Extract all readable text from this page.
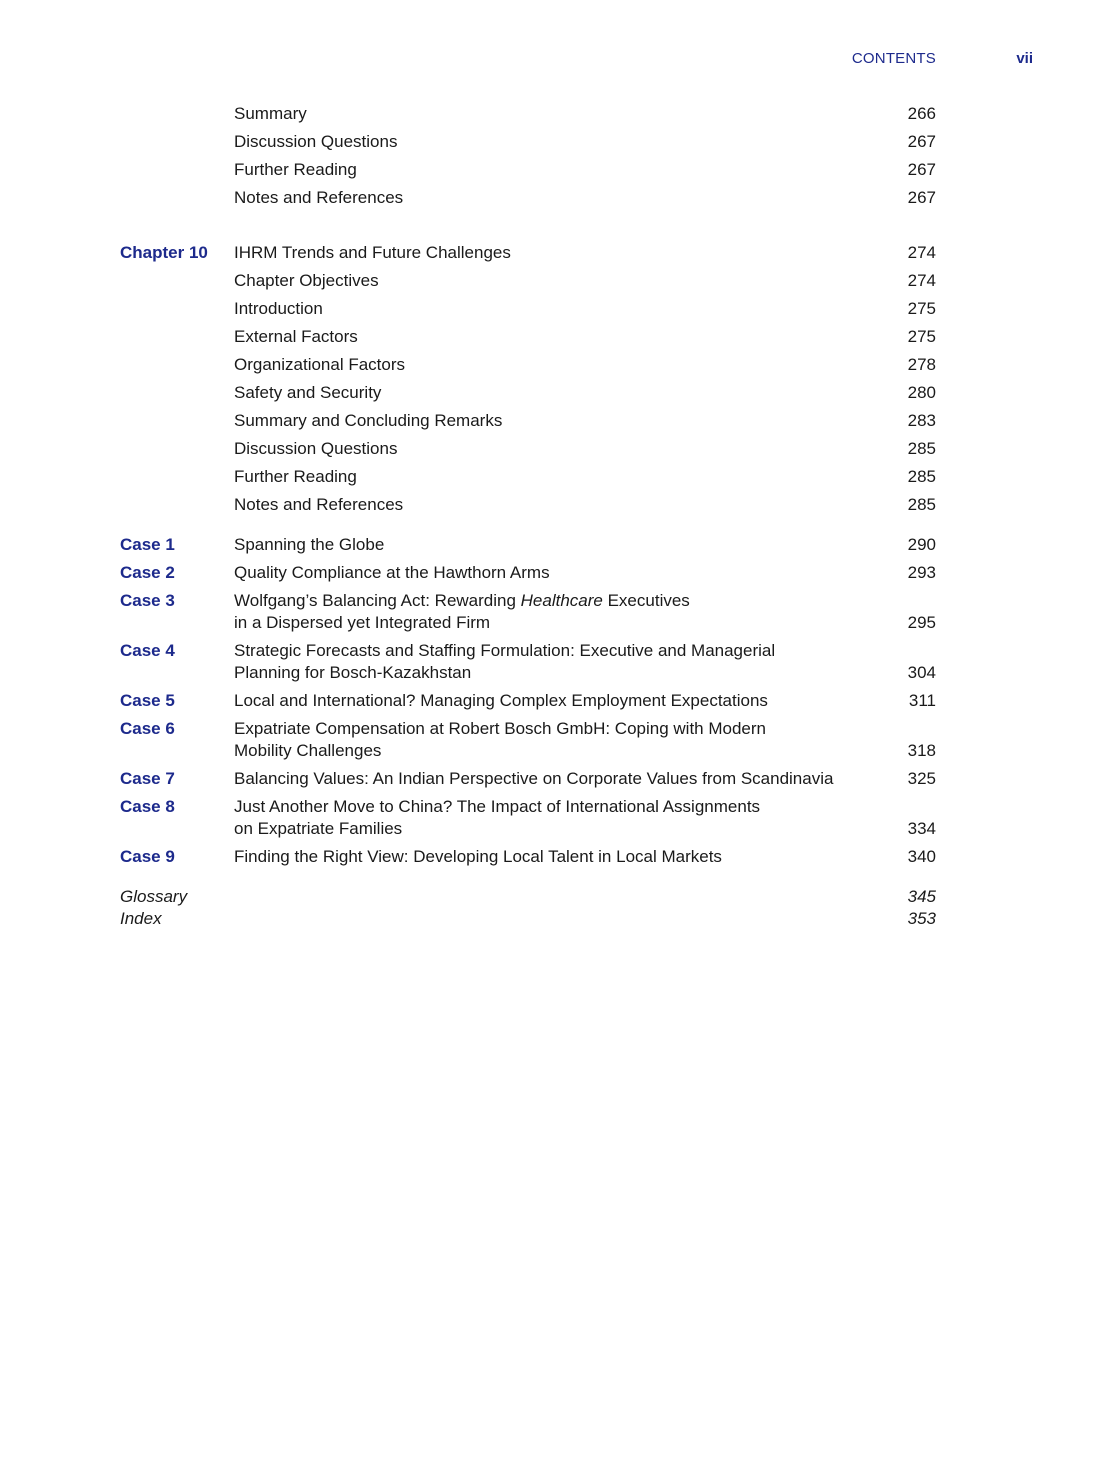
CONTENTS	vii
Summary	266
Discussion Questions	267
Further Reading	267
Notes and References	267
Chapter 10	IHRM Trends and Future Challenges	274
Chapter Objectives	274
Introduction	275
External Factors	275
Organizational Factors	278
Safety and Security	280
Summary and Concluding Remarks	283
Discussion Questions	285
Further Reading	285
Notes and References	285
Case 1	Spanning the Globe	290
Case 2	Quality Compliance at the Hawthorn Arms	293
Case 3	Wolfgang’s Balancing Act: Rewarding Healthcare Executives
in a Dispersed yet Integrated Firm	295
Case 4	Strategic Forecasts and Staffing Formulation: Executive and Managerial
Planning for Bosch-Kazakhstan	304
Case 5	Local and International? Managing Complex Employment Expectations	311
Case 6	Expatriate Compensation at Robert Bosch GmbH: Coping with Modern
Mobility Challenges	318
Case 7	Balancing Values: An Indian Perspective on Corporate Values from Scandinavia	325
Case 8	Just Another Move to China? The Impact of International Assignments
on Expatriate Families	334
Case 9	Finding the Right View: Developing Local Talent in Local Markets	340
Glossary	345
Index	353
